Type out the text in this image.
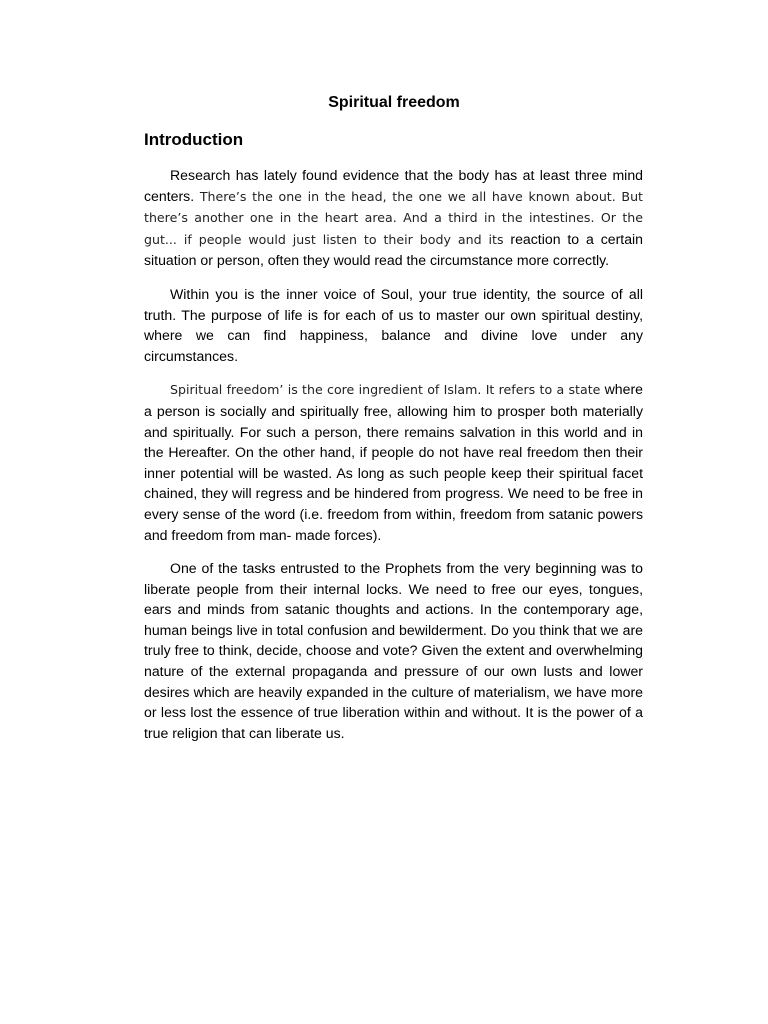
Spiritual freedom
Introduction

Research has lately found evidence that the body has at least three mind centers. There’s the one in the head, the one we all have known about. But there’s another one in the heart area. And a third in the intestines. Or the gut... if people would just listen to their body and its reaction to a certain situation or person, often they would read the circumstance more correctly.

Within you is the inner voice of Soul, your true identity, the source of all truth. The purpose of life is for each of us to master our own spiritual destiny, where we can find happiness, balance and divine love under any circumstances.

Spiritual freedom’ is the core ingredient of Islam. It refers to a state where a person is socially and spiritually free, allowing him to prosper both materially and spiritually. For such a person, there remains salvation in this world and in the Hereafter. On the other hand, if people do not have real freedom then their inner potential will be wasted. As long as such people keep their spiritual facet chained, they will regress and be hindered from progress. We need to be free in every sense of the word (i.e. freedom from within, freedom from satanic powers and freedom from man- made forces).

One of the tasks entrusted to the Prophets from the very beginning was to liberate people from their internal locks. We need to free our eyes, tongues, ears and minds from satanic thoughts and actions. In the contemporary age, human beings live in total confusion and bewilderment. Do you think that we are truly free to think, decide, choose and vote? Given the extent and overwhelming nature of the external propaganda and pressure of our own lusts and lower desires which are heavily expanded in the culture of materialism, we have more or less lost the essence of true liberation within and without. It is the power of a true religion that can liberate us.
